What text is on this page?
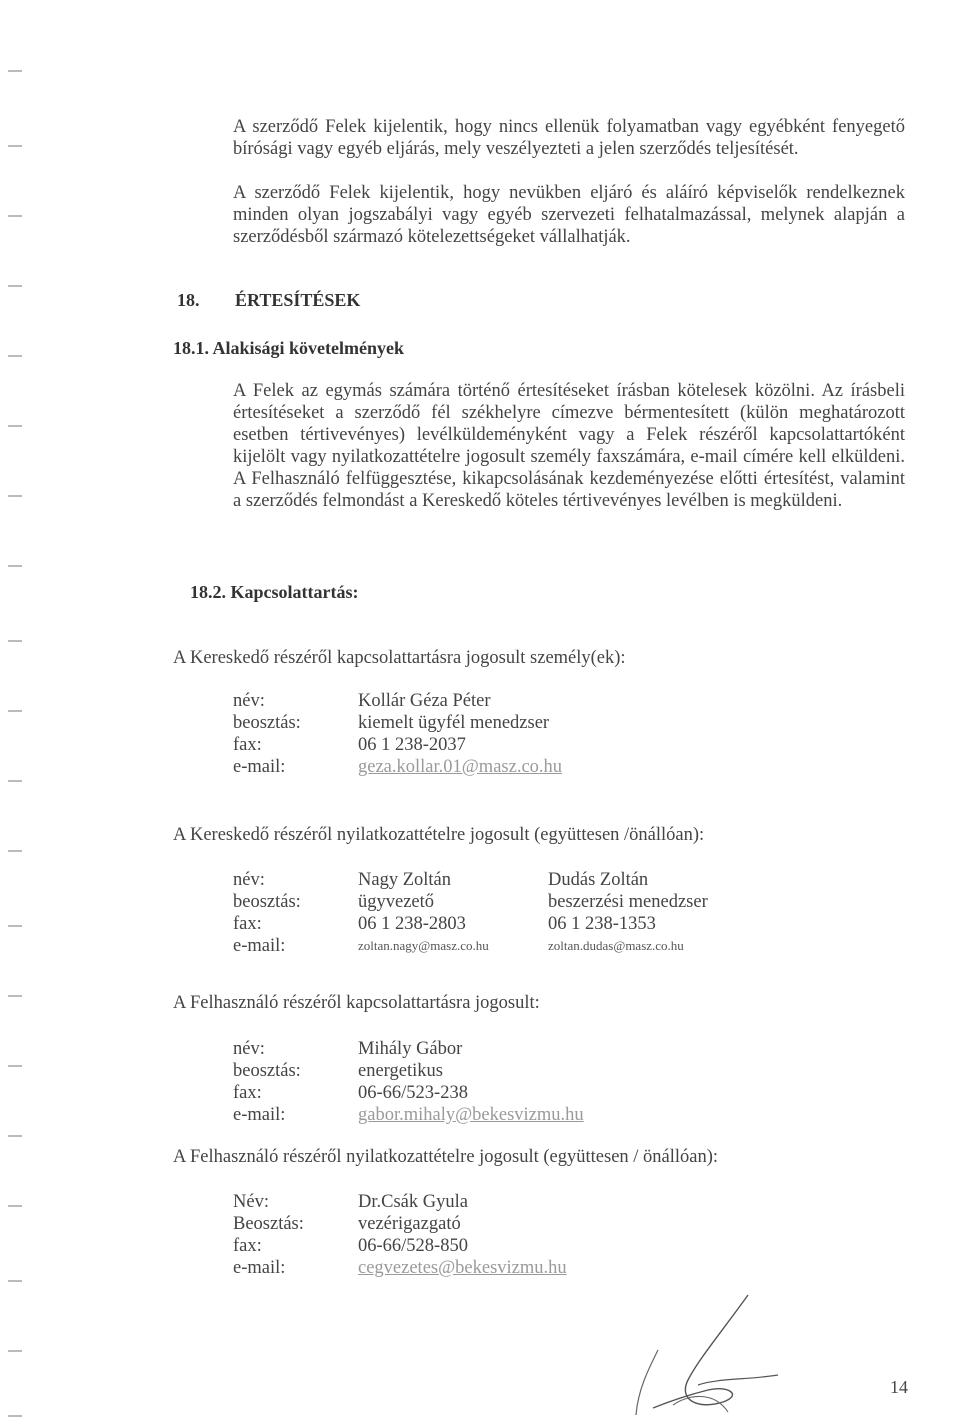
A szerződő Felek kijelentik, hogy nincs ellenük folyamatban vagy egyébként fenyegető bírósági vagy egyéb eljárás, mely veszélyezteti a jelen szerződés teljesítését.
A szerződő Felek kijelentik, hogy nevükben eljáró és aláíró képviselők rendelkeznek minden olyan jogszabályi vagy egyéb szervezeti felhatalmazással, melynek alapján a szerződésből származó kötelezettségeket vállalhatják.
18. ÉRTESÍTÉSEK
18.1. Alakisági követelmények
A Felek az egymás számára történő értesítéseket írásban kötelesek közölni. Az írásbeli értesítéseket a szerződő fél székhelyre címezve bérmentesített (külön meghatározott esetben tértivevényes) levélküldeményként vagy a Felek részéről kapcsolattartóként kijelölt vagy nyilatkozattételre jogosult személy faxszámára, e-mail címére kell elküldeni. A Felhasználó felfüggesztése, kikapcsolásának kezdeményezése előtti értesítést, valamint a szerződés felmondást a Kereskedő köteles tértivevényes levélben is megküldeni.
18.2. Kapcsolattartás:
A Kereskedő részéről kapcsolattartásra jogosult személy(ek):
név:	Kollár Géza Péter
beosztás:	kiemelt ügyfél menedzser
fax:	06 1 238-2037
e-mail:	geza.kollar.01@masz.co.hu
A Kereskedő részéről nyilatkozattételre jogosult (együttesen /önállóan):
név:	Nagy Zoltán	Dudás Zoltán
beosztás:	ügyvezető	beszerzési menedzser
fax:	06 1 238-2803	06 1 238-1353
e-mail:	zoltan.nagy@masz.co.hu	zoltan.dudas@masz.co.hu
A Felhasználó részéről kapcsolattartásra jogosult:
név:	Mihály Gábor
beosztás:	energetikus
fax:	06-66/523-238
e-mail:	gabor.mihaly@bekesvizmu.hu
A Felhasználó részéről nyilatkozattételre jogosult (együttesen / önállóan):
Név:	Dr.Csák Gyula
Beosztás:	vezérigazgató
fax:	06-66/528-850
e-mail:	cegvezetes@bekesvizmu.hu
14
